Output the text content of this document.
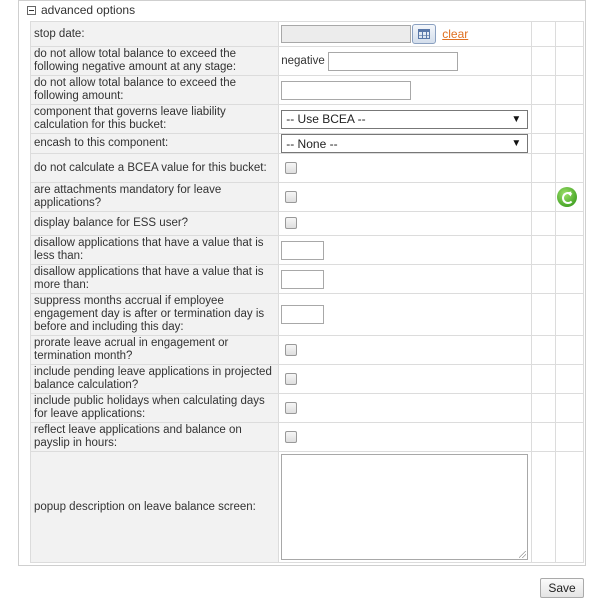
advanced options
stop date:	clear		
do not allow total balance to exceed the following negative amount at any stage:	negative		
do not allow total balance to exceed the following amount:			
component that governs leave liability calculation for this bucket:	-- Use BCEA -- ▼		

encash to this component:	-- None -- ▼		

do not calculate a BCEA value for this bucket:			
are attachments mandatory for leave applications?			
display balance for ESS user?			
disallow applications that have a value that is less than:			
disallow applications that have a value that is more than:			
suppress months accrual if employee engagement day is after or termination day is before and including this day:			
prorate leave acrual in engagement or termination month?			
include pending leave applications in projected balance calculation?			
include public holidays when calculating days for leave applications:			
reflect leave applications and balance on payslip in hours:			
popup description on leave balance screen:	

Save
